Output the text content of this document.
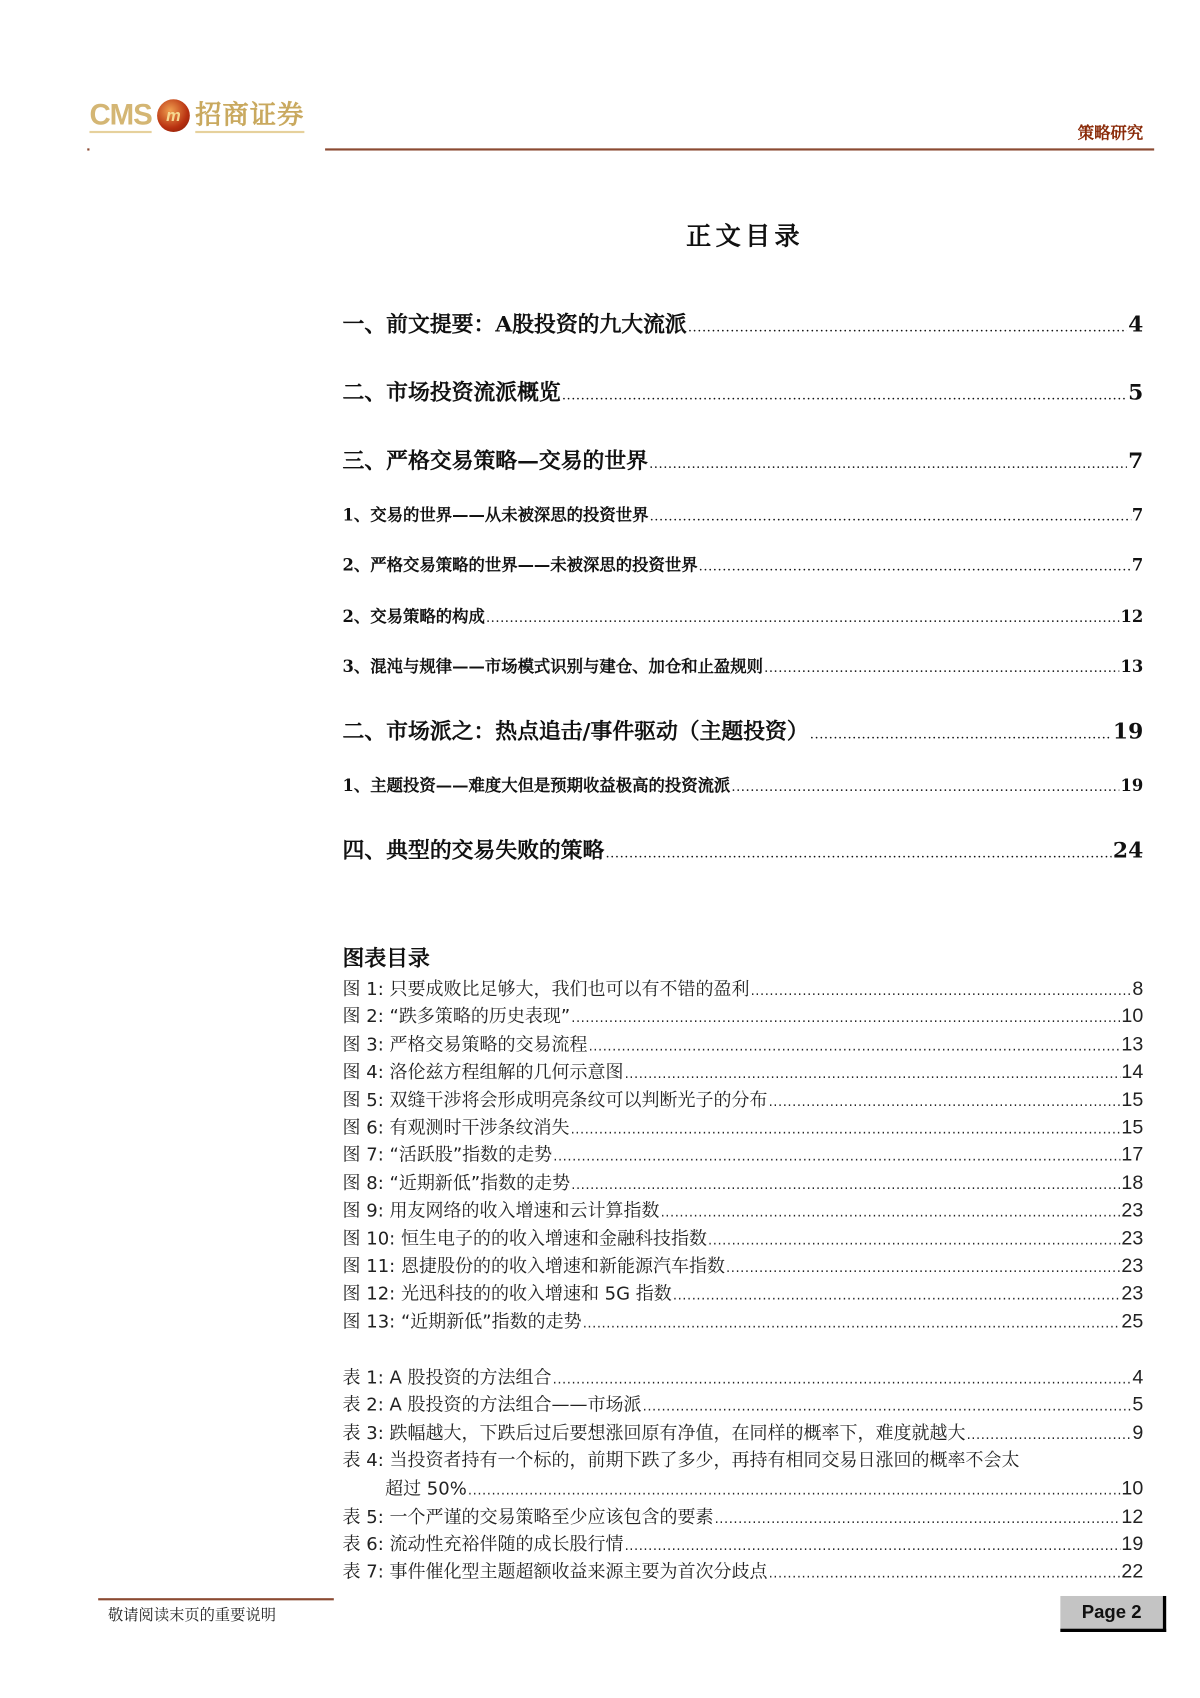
CMS m 招商证券
策略研究
正文目录
一、前文提要：A股投资的九大流派 .....	4
二、市场投资流派概览 .....	5
三、严格交易策略—交易的世界 .....	7
1、交易的世界——从未被深思的投资世界 .....	7
2、严格交易策略的世界——未被深思的投资世界 .....	7
2、交易策略的构成 .....	12
3、混沌与规律——市场模式识别与建仓、加仓和止盈规则 .....	13
二、市场派之：热点追击/事件驱动（主题投资） .....	19
1、主题投资——难度大但是预期收益极高的投资流派 .....	19
四、典型的交易失败的策略 .....	24
图表目录
图 1: 只要成败比足够大，我们也可以有不错的盈利 .....	8
图 2: “跌多策略的历史表现” .....	10
图 3: 严格交易策略的交易流程 .....	13
图 4: 洛伦兹方程组解的几何示意图 .....	14
图 5: 双缝干涉将会形成明亮条纹可以判断光子的分布 .....	15
图 6: 有观测时干涉条纹消失 .....	15
图 7: “活跃股”指数的走势 .....	17
图 8: “近期新低”指数的走势 .....	18
图 9: 用友网络的收入增速和云计算指数 .....	23
图 10: 恒生电子的的收入增速和金融科技指数 .....	23
图 11: 恩捷股份的的收入增速和新能源汽车指数 .....	23
图 12: 光迅科技的的收入增速和 5G 指数 .....	23
图 13: “近期新低”指数的走势 .....	25
表 1: A 股投资的方法组合 .....	4
表 2: A 股投资的方法组合——市场派 .....	5
表 3: 跌幅越大，下跌后过后要想涨回原有净值，在同样的概率下，难度就越大 .....	9
表 4: 当投资者持有一个标的，前期下跌了多少，再持有相同交易日涨回的概率不会太
超过 50% .....	10
表 5: 一个严谨的交易策略至少应该包含的要素 .....	12
表 6: 流动性充裕伴随的成长股行情 .....	19
表 7: 事件催化型主题超额收益来源主要为首次分歧点 .....	22
敬请阅读末页的重要说明	Page 2
